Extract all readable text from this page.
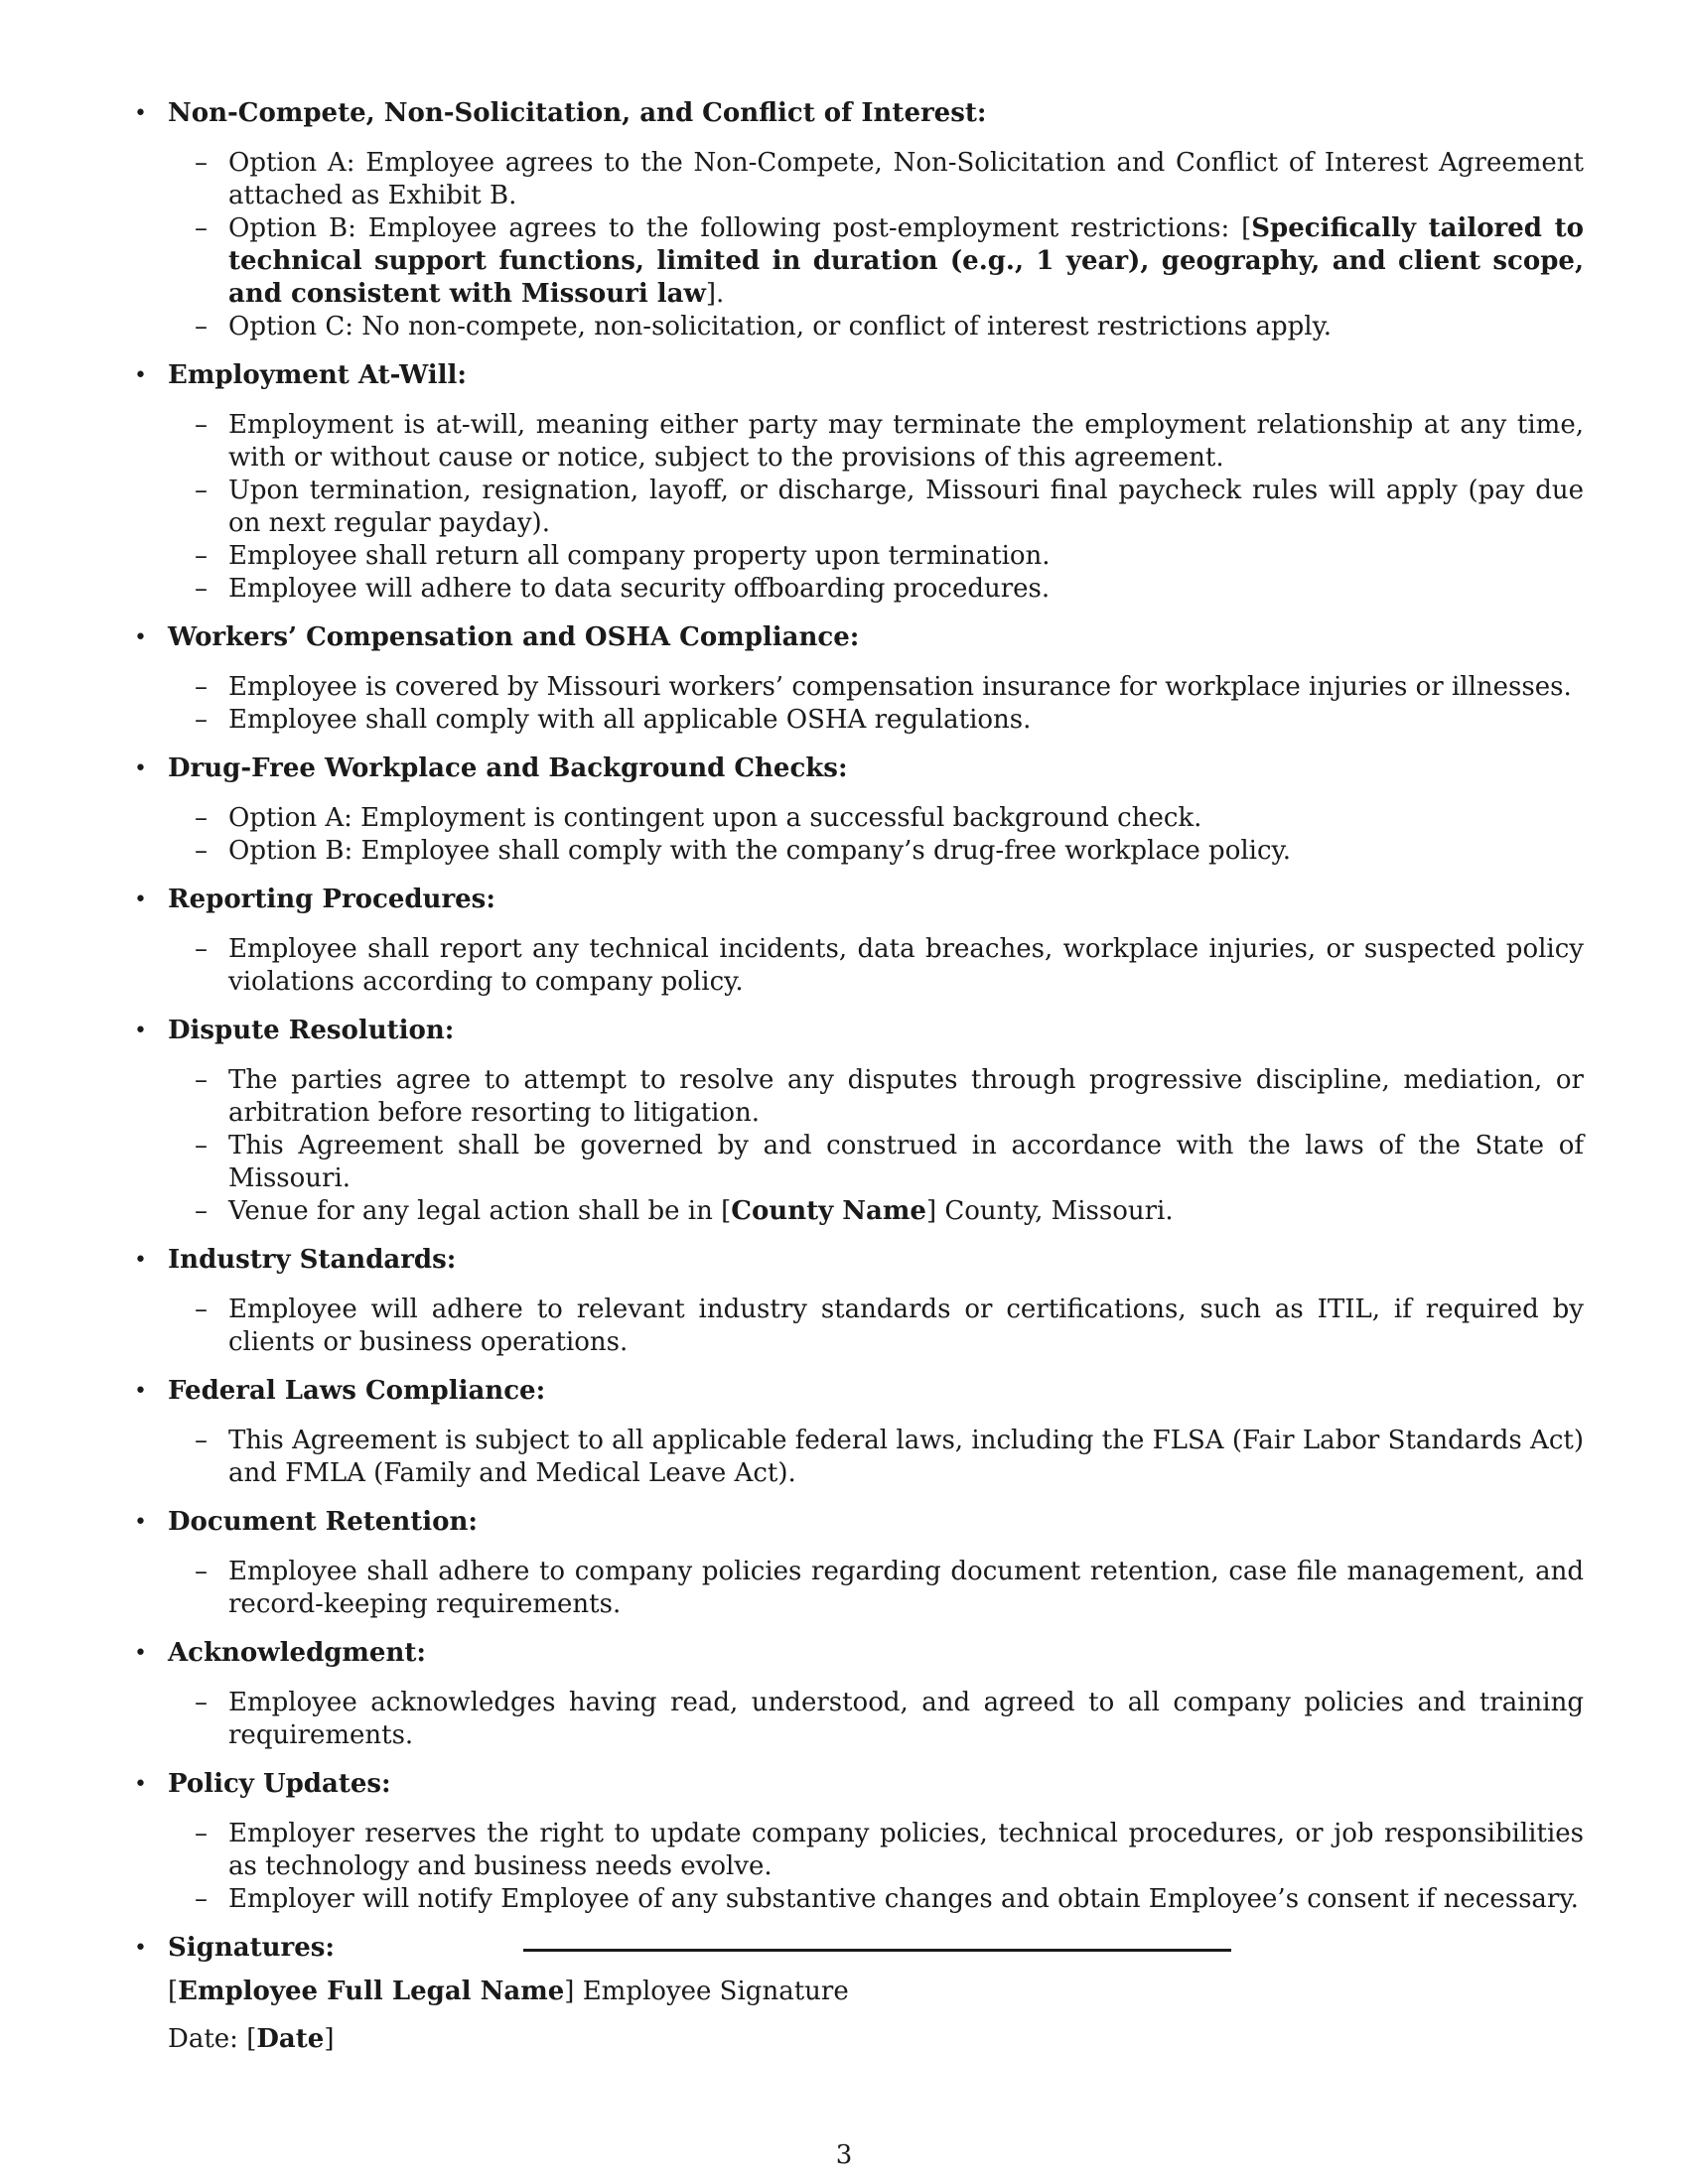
• Non-Compete, Non-Solicitation, and Conflict of Interest:
– Option A: Employee agrees to the Non-Compete, Non-Solicitation and Conflict of Interest Agreement attached as Exhibit B.
– Option B: Employee agrees to the following post-employment restrictions: [Specifically tailored to technical support functions, limited in duration (e.g., 1 year), geography, and client scope, and consistent with Missouri law].
– Option C: No non-compete, non-solicitation, or conflict of interest restrictions apply.
• Employment At-Will:
– Employment is at-will, meaning either party may terminate the employment relationship at any time, with or without cause or notice, subject to the provisions of this agreement.
– Upon termination, resignation, layoff, or discharge, Missouri final paycheck rules will apply (pay due on next regular payday).
– Employee shall return all company property upon termination.
– Employee will adhere to data security offboarding procedures.
• Workers’ Compensation and OSHA Compliance:
– Employee is covered by Missouri workers’ compensation insurance for workplace injuries or illnesses.
– Employee shall comply with all applicable OSHA regulations.
• Drug-Free Workplace and Background Checks:
– Option A: Employment is contingent upon a successful background check.
– Option B: Employee shall comply with the company’s drug-free workplace policy.
• Reporting Procedures:
– Employee shall report any technical incidents, data breaches, workplace injuries, or suspected policy violations according to company policy.
• Dispute Resolution:
– The parties agree to attempt to resolve any disputes through progressive discipline, mediation, or arbitration before resorting to litigation.
– This Agreement shall be governed by and construed in accordance with the laws of the State of Missouri.
– Venue for any legal action shall be in [County Name] County, Missouri.
• Industry Standards:
– Employee will adhere to relevant industry standards or certifications, such as ITIL, if required by clients or business operations.
• Federal Laws Compliance:
– This Agreement is subject to all applicable federal laws, including the FLSA (Fair Labor Standards Act) and FMLA (Family and Medical Leave Act).
• Document Retention:
– Employee shall adhere to company policies regarding document retention, case file management, and record-keeping requirements.
• Acknowledgment:
– Employee acknowledges having read, understood, and agreed to all company policies and training requirements.
• Policy Updates:
– Employer reserves the right to update company policies, technical procedures, or job responsibilities as technology and business needs evolve.
– Employer will notify Employee of any substantive changes and obtain Employee’s consent if necessary.
• Signatures:
[Employee Full Legal Name] Employee Signature
Date: [Date]
3
